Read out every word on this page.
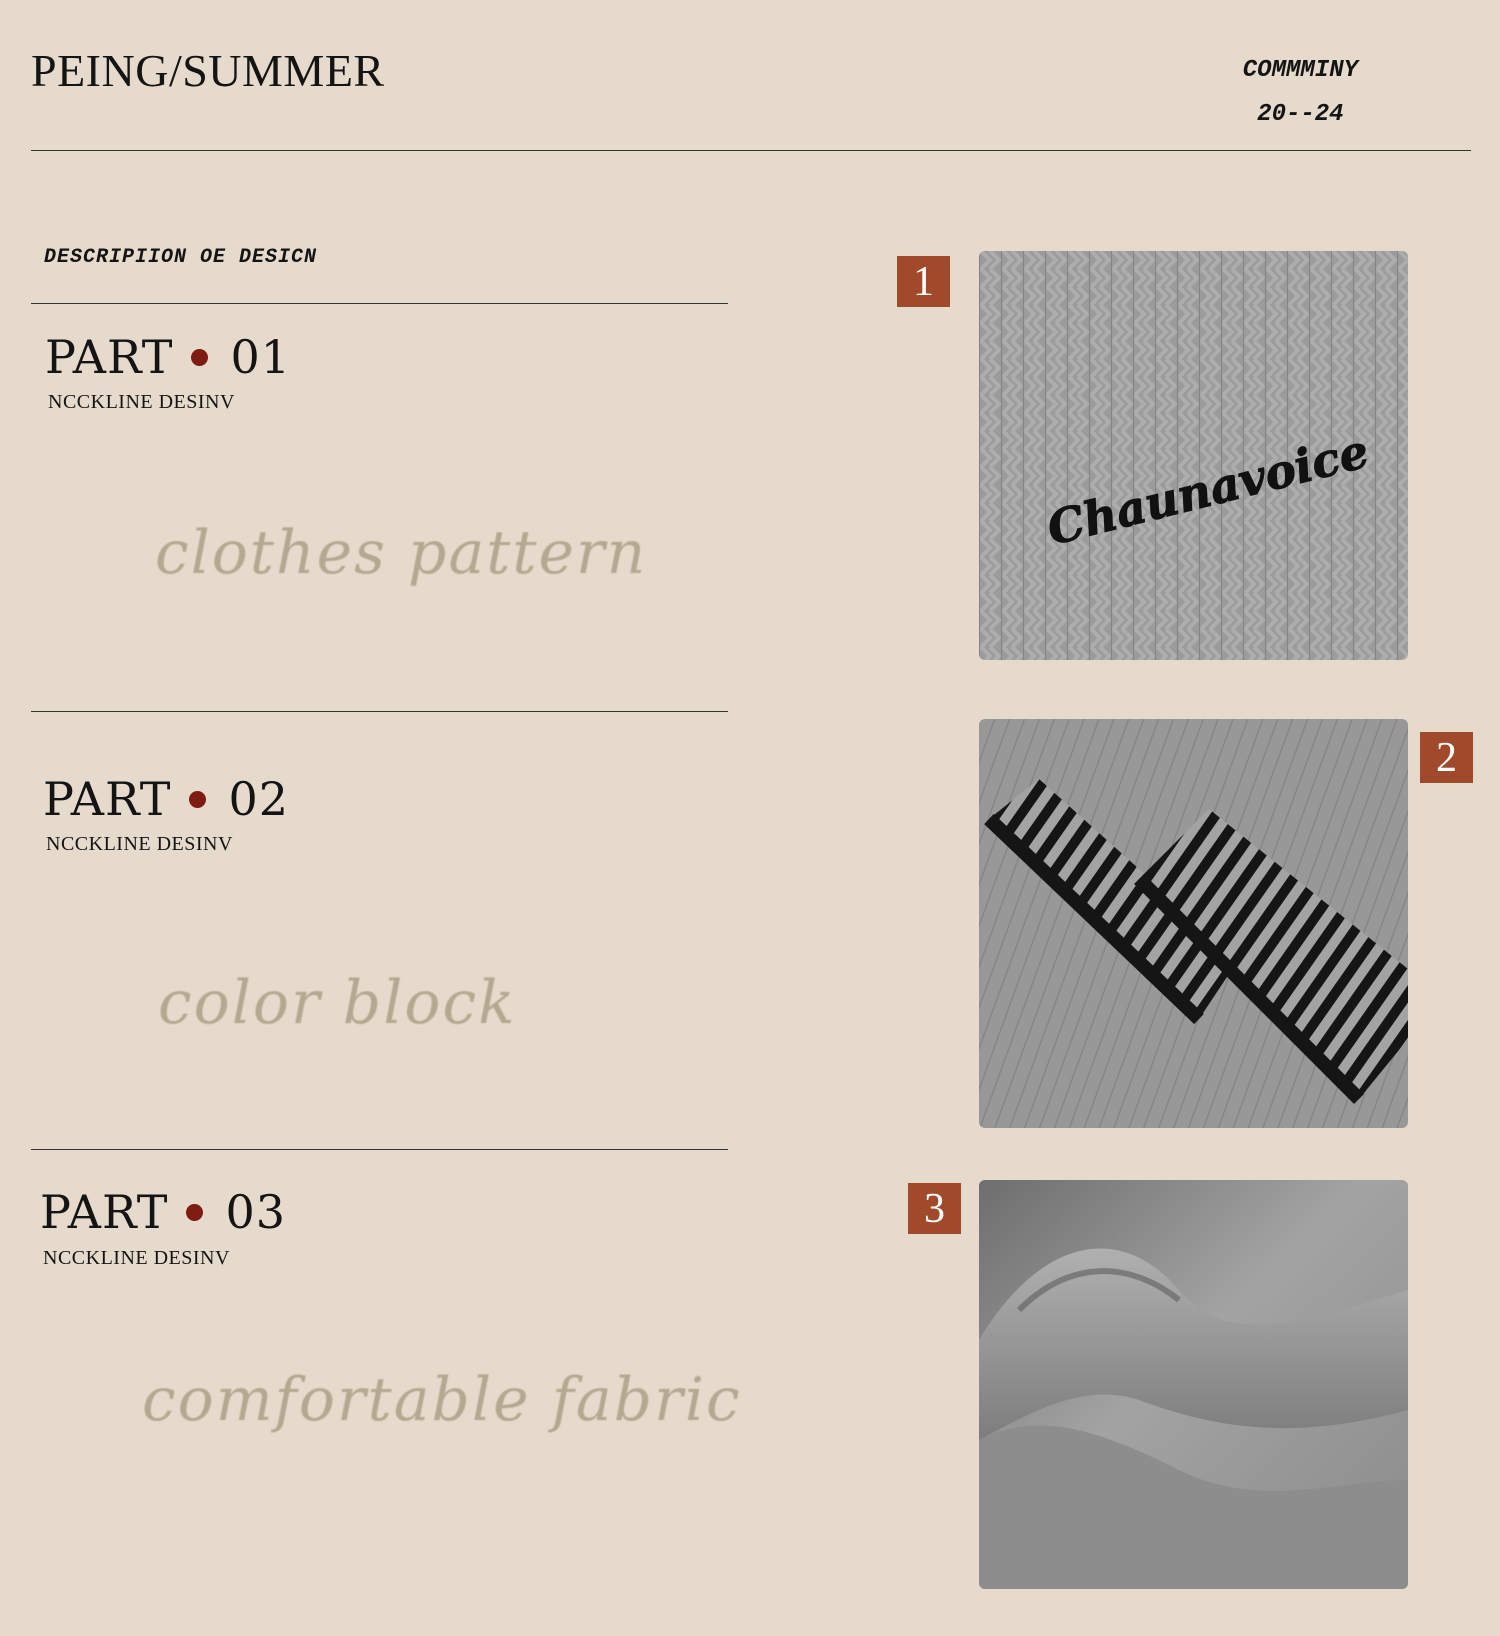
PEING/SUMMER	COMMMINY
20--24
DESCRIPIION OE DESICN
PART 01
NCCKLINE DESINV
clothes pattern
PART 02
NCCKLINE DESINV
color block
PART 03
NCCKLINE DESINV
comfortable fabric
1
2
3
Chaunavoice
